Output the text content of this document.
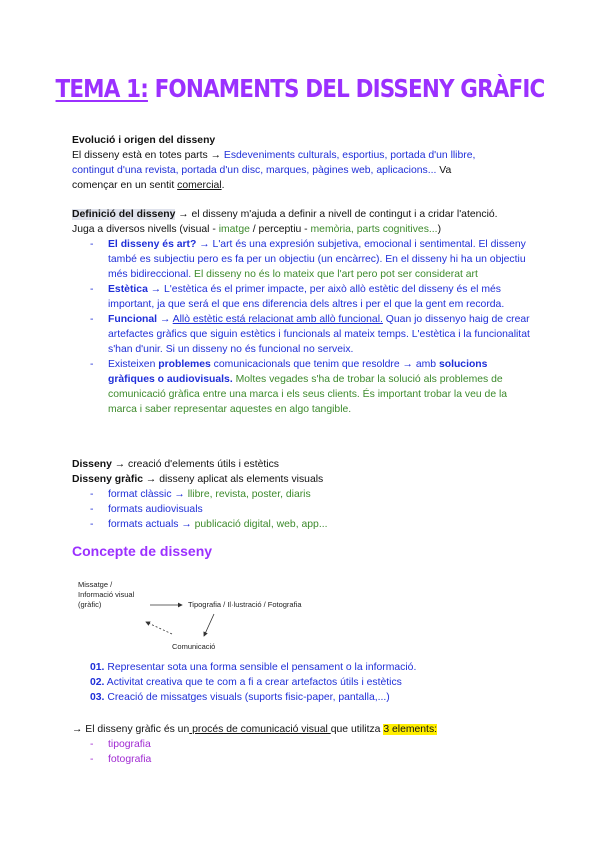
TEMA 1: FONAMENTS DEL DISSENY GRÀFIC
Evolució i origen del disseny
El disseny està en totes parts → Esdeveniments culturals, esportius, portada d'un llibre,
contingut d'una revista, portada d'un disc, marques, pàgines web, aplicacions... Va
començar en un sentit comercial.
Definició del disseny → el disseny m'ajuda a definir a nivell de contingut i a cridar l'atenció.
Juga a diversos nivells (visual - imatge / perceptiu - memòria, parts cognitives...)
- El disseny és art? → L'art és una expresión subjetiva, emocional i sentimental. El disseny també es subjectiu pero es fa per un objectiu (un encàrrec). En el disseny hi ha un objectiu més bidireccional. El disseny no és lo mateix que l'art pero pot ser considerat art
- Estètica → L'estètica és el primer impacte, per això allò estètic del disseny és el més important, ja que será el que ens diferencia dels altres i per el que la gent em recorda.
- Funcional → Allò estètic está relacionat amb allò funcional. Quan jo dissenyo haig de crear artefactes gràfics que siguin estètics i funcionals al mateix temps. L'estètica i la funcionalitat s'han d'unir. Si un disseny no és funcional no serveix.
- Existeixen problemes comunicacionals que tenim que resoldre → amb solucions gràfiques o audiovisuals. Moltes vegades s'ha de trobar la solució als problemes de comunicació gràfica entre una marca i els seus clients. És important trobar la veu de la marca i saber representar aquestes en algo tangible.
Disseny → creació d'elements útils i estètics
Disseny gràfic → disseny aplicat als elements visuals
- format clàssic → llibre, revista, poster, diaris
- formats audiovisuals
- formats actuals → publicació digital, web, app...
Concepte de disseny
Missatge /
Informació visual
(gràfic)	Tipografia / Il·lustració / Fotografia
Comunicació
01. Representar sota una forma sensible el pensament o la informació.
02. Activitat creativa que te com a fi a crear artefactos útils i estètics
03. Creació de missatges visuals (suports fisic-paper, pantalla,...)
→ El disseny gràfic és un procés de comunicació visual que utilitza 3 elements:
- tipografia
- fotografia
